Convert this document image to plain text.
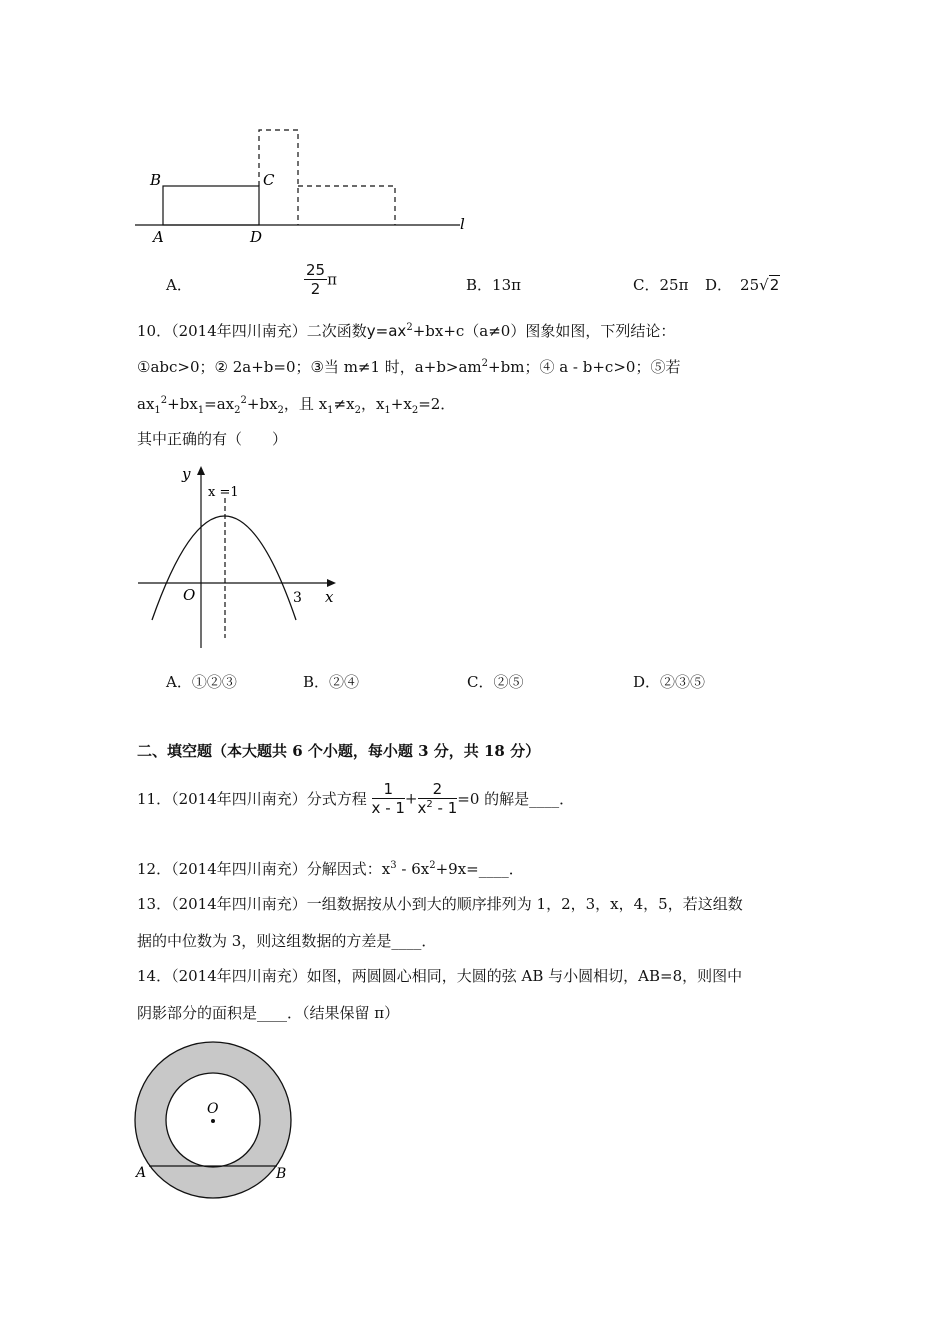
B	C
A	D
l
A．	$\frac{25}{2}$ π	B．13π	C．25π D． 25√2
10．（2014年四川南充）二次函数$y=ax^2+bx+c(a\ne 0)$图象如图，下列结论：
①abc>0；② 2a+b=0；③当 m≠1 时，$a+b>am^2+bm$；④ a - b+c>0；⑤若
$ax_1^2+bx_1=ax_2^2+bx_2$，且 $x_1\ne x_2$，$x_1+x_2=2$．
其中正确的有（　　）
y
x
O	3
x =1
A．①②③	B．②④	C．②⑤	D．②③⑤
二、填空题（本大题共 6 个小题，每小题 3 分，共 18 分）
11．（2014年四川南充）分式方程 $\frac{1}{x - 1} + \frac{2}{x^2 - 1} =0$ 的解是____．
12．（2014年四川南充）分解因式：$x^3$ - $6x^2+9x=\_\_\_\_$．
13．（2014年四川南充）一组数据按从小到大的顺序排列为 1，2，3，x，4，5，若这组数
据的中位数为 3，则这组数据的方差是____．
14．（2014年四川南充）如图，两圆圆心相同，大圆的弦 AB 与小圆相切，AB=8，则图中
阴影部分的面积是____．（结果保留 π）
O
A	B
